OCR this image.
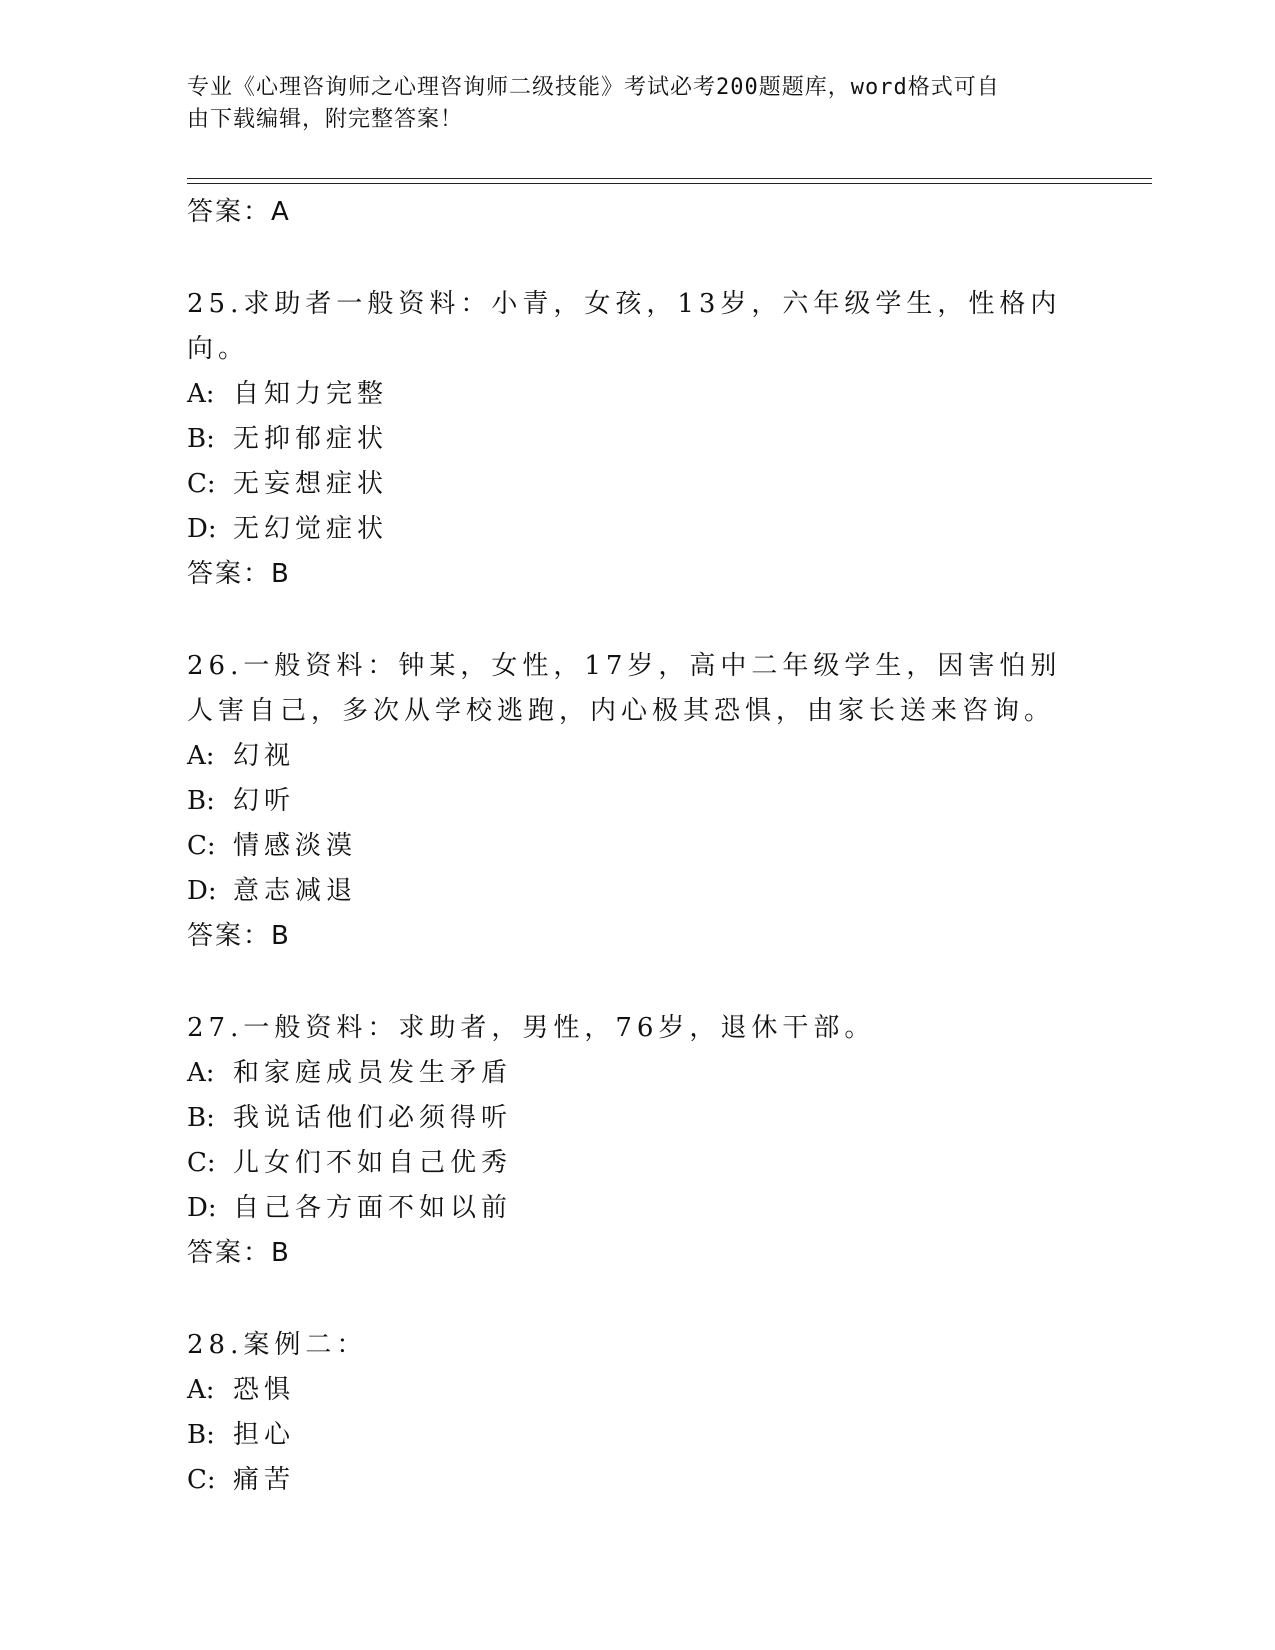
专业《心理咨询师之心理咨询师二级技能》考试必考200题题库，word格式可自
由下载编辑，附完整答案！
答案：A
25.求助者一般资料：小青，女孩，13岁，六年级学生，性格内向。
A: 自知力完整
B: 无抑郁症状
C: 无妄想症状
D: 无幻觉症状
答案：B
26.一般资料：钟某，女性，17岁，高中二年级学生，因害怕别人害自己，多次从学校逃跑，内心极其恐惧，由家长送来咨询。
A: 幻视
B: 幻听
C: 情感淡漠
D: 意志减退
答案：B
27.一般资料：求助者，男性，76岁，退休干部。
A: 和家庭成员发生矛盾
B: 我说话他们必须得听
C: 儿女们不如自己优秀
D: 自己各方面不如以前
答案：B
28.案例二：
A: 恐惧
B: 担心
C: 痛苦
